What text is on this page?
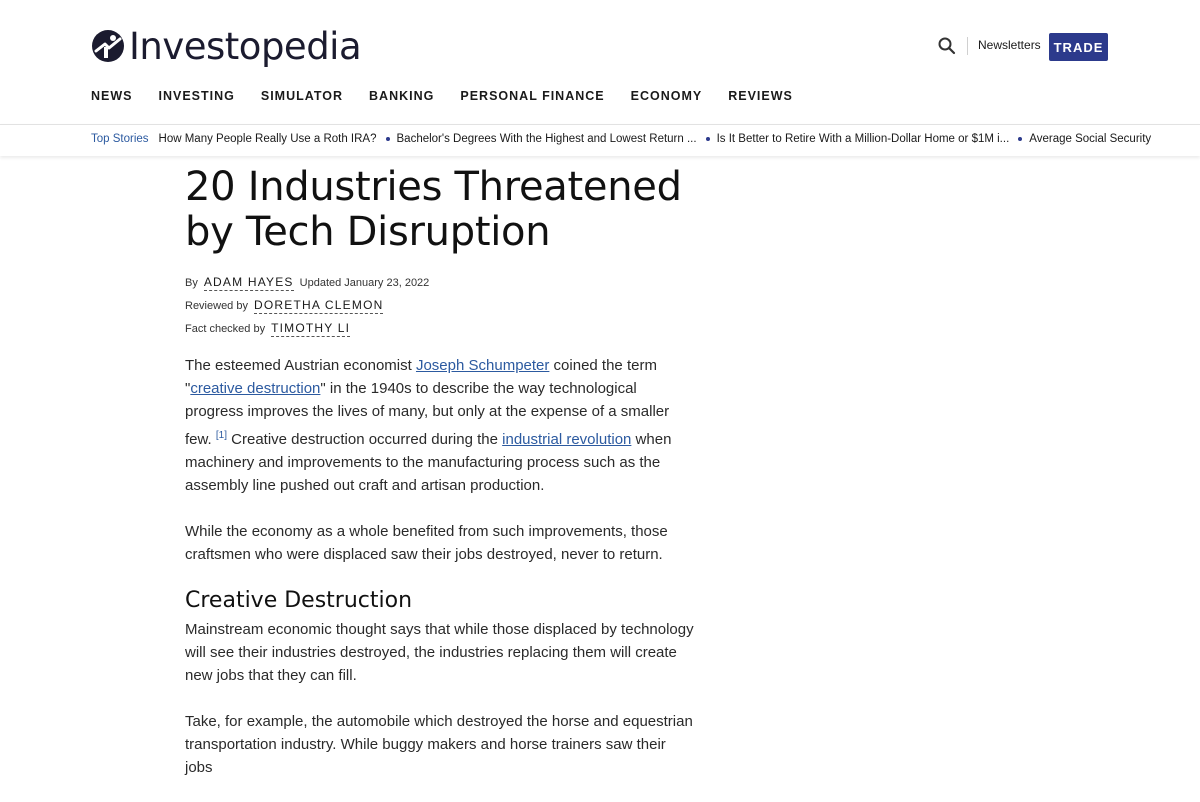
Investopedia	Newsletters TRADE
NEWS INVESTING SIMULATOR BANKING PERSONAL FINANCE ECONOMY REVIEWS
Top Stories How Many People Really Use a Roth IRA? Bachelor's Degrees With the Highest and Lowest Return ... Is It Better to Retire With a Million-Dollar Home or $1M i... Average Social Security
20 Industries Threatened by Tech Disruption
By ADAM HAYES Updated January 23, 2022
Reviewed by DORETHA CLEMON
Fact checked by TIMOTHY LI

The esteemed Austrian economist Joseph Schumpeter coined the term "creative destruction" in the 1940s to describe the way technological progress improves the lives of many, but only at the expense of a smaller few. [1] Creative destruction occurred during the industrial revolution when machinery and improvements to the manufacturing process such as the assembly line pushed out craft and artisan production.

While the economy as a whole benefited from such improvements, those craftsmen who were displaced saw their jobs destroyed, never to return.

Creative Destruction

Mainstream economic thought says that while those displaced by technology will see their industries destroyed, the industries replacing them will create new jobs that they can fill.

Take, for example, the automobile which destroyed the horse and equestrian transportation industry. While buggy makers and horse trainers saw their jobs
